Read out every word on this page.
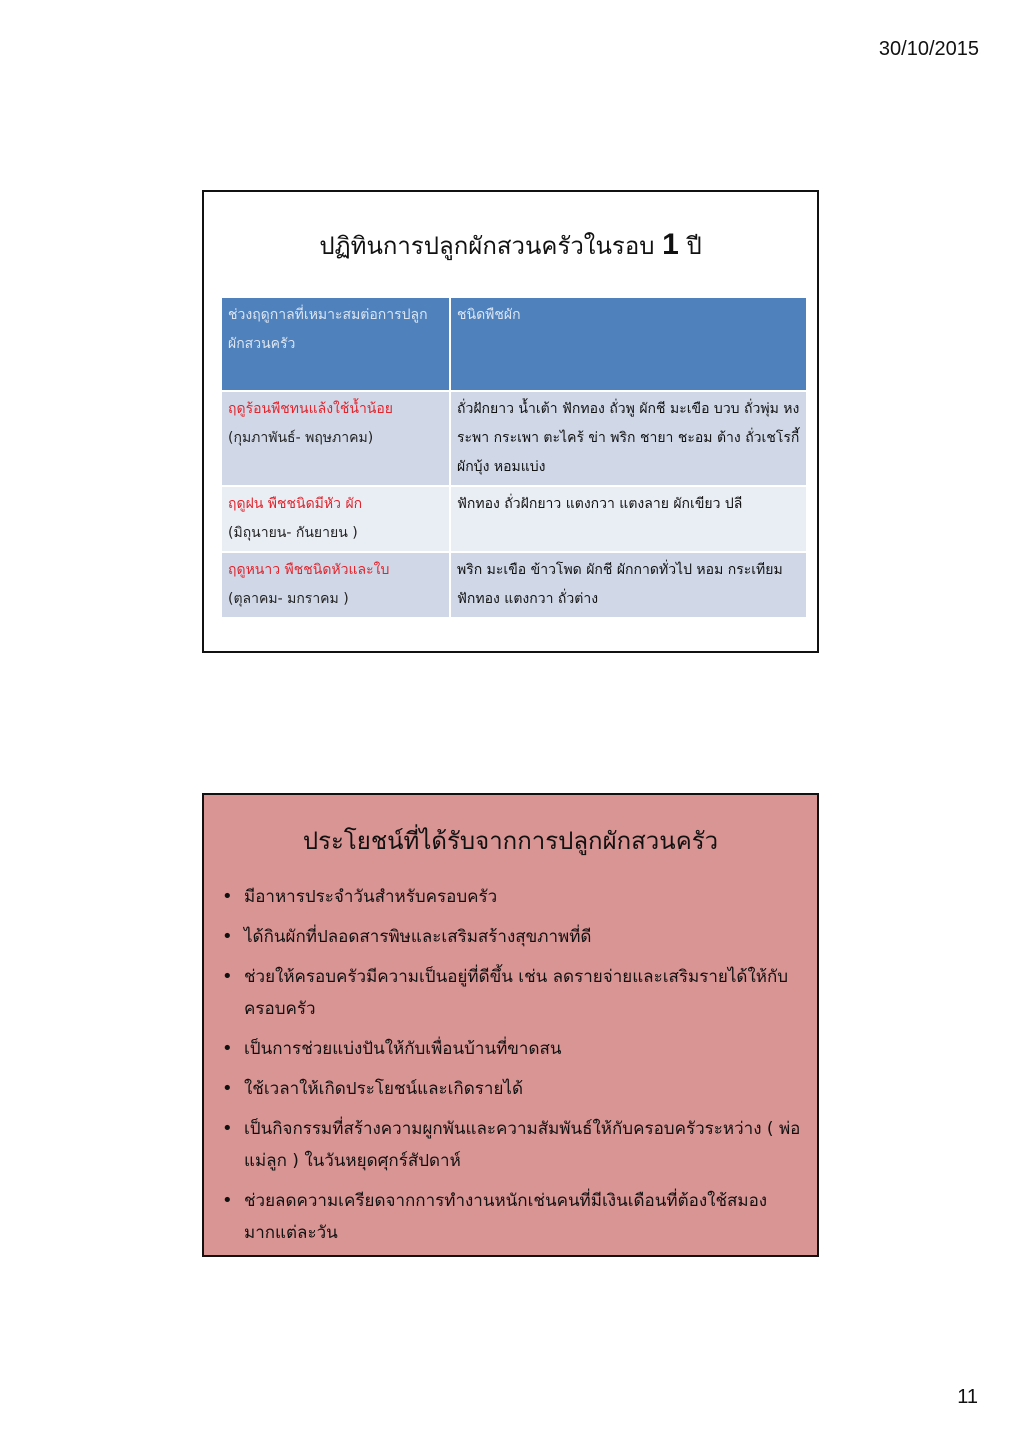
30/10/2015
ปฏิทินการปลูกผักสวนครัวในรอบ 1 ปี
ช่วงฤดูกาลที่เหมาะสมต่อการปลูกผักสวนครัว	ชนิดพืชผัก

ฤดูร้อนพืชทนแล้งใช้น้ำน้อย
(กุมภาพันธ์- พฤษภาคม)	ถั่วฝักยาว น้ำเต้า ฟักทอง ถั่วพู ผักชี มะเขือ บวบ ถั่วพุ่ม หงระพา กระเพา ตะไคร้ ข่า พริก ชายา ชะอม ต้าง ถั่วเชโรกี้ ผักบุ้ง หอมแบ่ง

ฤดูฝน พืชชนิดมีหัว ผัก
(มิถุนายน- กันยายน )	ฟักทอง ถั่วฝักยาว แตงกวา แตงลาย ผักเขียว ปลี

ฤดูหนาว พืชชนิดหัวและใบ
(ตุลาคม- มกราคม )	พริก มะเขือ ข้าวโพด ผักชี ผักกาดทั่วไป หอม กระเทียม ฟักทอง แตงกวา ถั่วต่าง
ประโยชน์ที่ได้รับจากการปลูกผักสวนครัว
• มีอาหารประจำวันสำหรับครอบครัว
• ได้กินผักที่ปลอดสารพิษและเสริมสร้างสุขภาพที่ดี
• ช่วยให้ครอบครัวมีความเป็นอยู่ที่ดีขึ้น เช่น ลดรายจ่ายและเสริมรายได้ให้กับครอบครัว
• เป็นการช่วยแบ่งปันให้กับเพื่อนบ้านที่ขาดสน
• ใช้เวลาให้เกิดประโยชน์และเกิดรายได้
• เป็นกิจกรรมที่สร้างความผูกพันและความสัมพันธ์ให้กับครอบครัวระหว่าง ( พ่อแม่ลูก ) ในวันหยุดศุกร์สัปดาห์
• ช่วยลดความเครียดจากการทำงานหนักเช่นคนที่มีเงินเดือนที่ต้องใช้สมอง มากแต่ละวัน
11
